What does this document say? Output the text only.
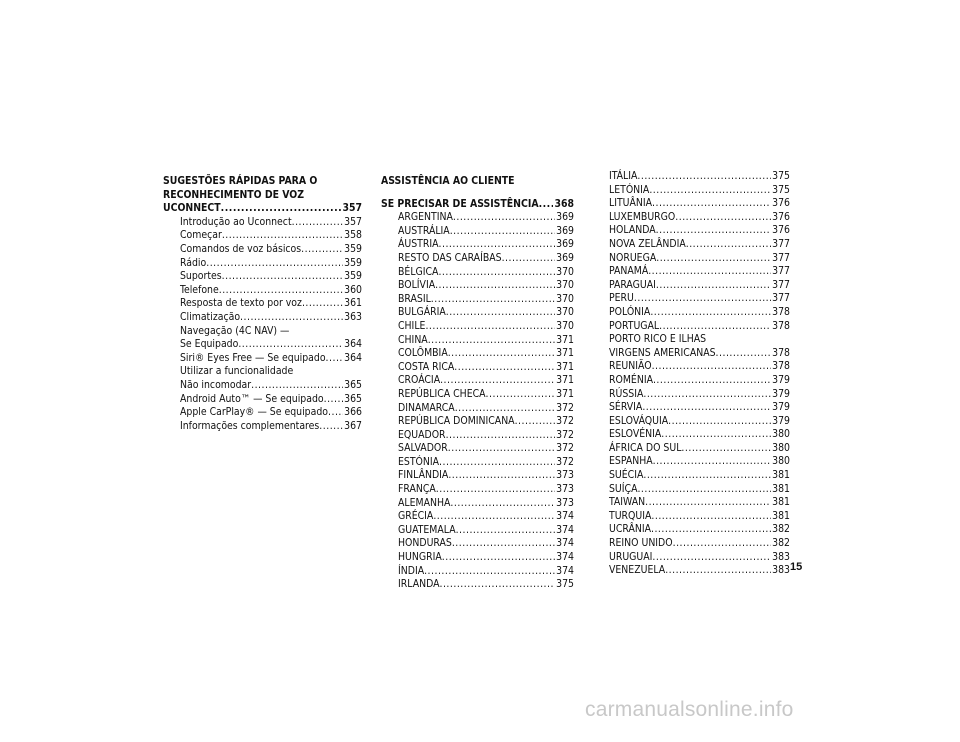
SUGESTÕES RÁPIDAS PARA O
RECONHECIMENTO DE VOZ
UCONNECT .....	357
Introdução ao Uconnect .....	357
Começar .....	358
Comandos de voz básicos .....	359
Rádio .....	359
Suportes .....	359
Telefone .....	360
Resposta de texto por voz .....	361
Climatização .....	363
Navegação (4C NAV) —
Se Equipado .....	364
Siri® Eyes Free — Se equipado ..... 364
Utilizar a funcionalidade
Não incomodar .....	365
Android Auto™ — Se equipado ..... 365
Apple CarPlay® — Se equipado ..... 366
Informações complementares ..... 367
ASSISTÊNCIA AO CLIENTE
SE PRECISAR DE ASSISTÊNCIA ..... 368
ARGENTINA .....	369
AUSTRÁLIA .....	369
ÁUSTRIA .....	369
RESTO DAS CARAÍBAS .....	369
BÉLGICA .....	370
BOLÍVIA .....	370
BRASIL .....	370
BULGÁRIA .....	370
CHILE .....	370
CHINA .....	371
COLÔMBIA .....	371
COSTA RICA .....	371
CROÁCIA .....	371
REPÚBLICA CHECA .....	371
DINAMARCA .....	372
REPÚBLICA DOMINICANA .....	372
EQUADOR .....	372
SALVADOR .....	372
ESTÓNIA .....	372
FINLÂNDIA .....	373
FRANÇA .....	373
ALEMANHA .....	373
GRÉCIA .....	374
GUATEMALA .....	374
HONDURAS .....	374
HUNGRIA .....	374
ÍNDIA .....	374
IRLANDA .....	375
ITÁLIA .....	375
LETÓNIA .....	375
LITUÂNIA .....	376
LUXEMBURGO .....	376
HOLANDA .....	376
NOVA ZELÂNDIA .....	377
NORUEGA .....	377
PANAMÁ .....	377
PARAGUAI .....	377
PERU .....	377
POLÓNIA .....	378
PORTUGAL .....	378
PORTO RICO E ILHAS
VIRGENS AMERICANAS .....	378
REUNIÃO .....	378
ROMÉNIA .....	379
RÚSSIA .....	379
SÉRVIA .....	379
ESLOVÁQUIA .....	379
ESLOVÉNIA .....	380
ÁFRICA DO SUL .....	380
ESPANHA .....	380
SUÉCIA .....	381
SUÍÇA .....	381
TAIWAN .....	381
TURQUIA .....	381
UCRÂNIA .....	382
REINO UNIDO .....	382
URUGUAI .....	383
VENEZUELA .....	383 15
carmanualsonline.info
